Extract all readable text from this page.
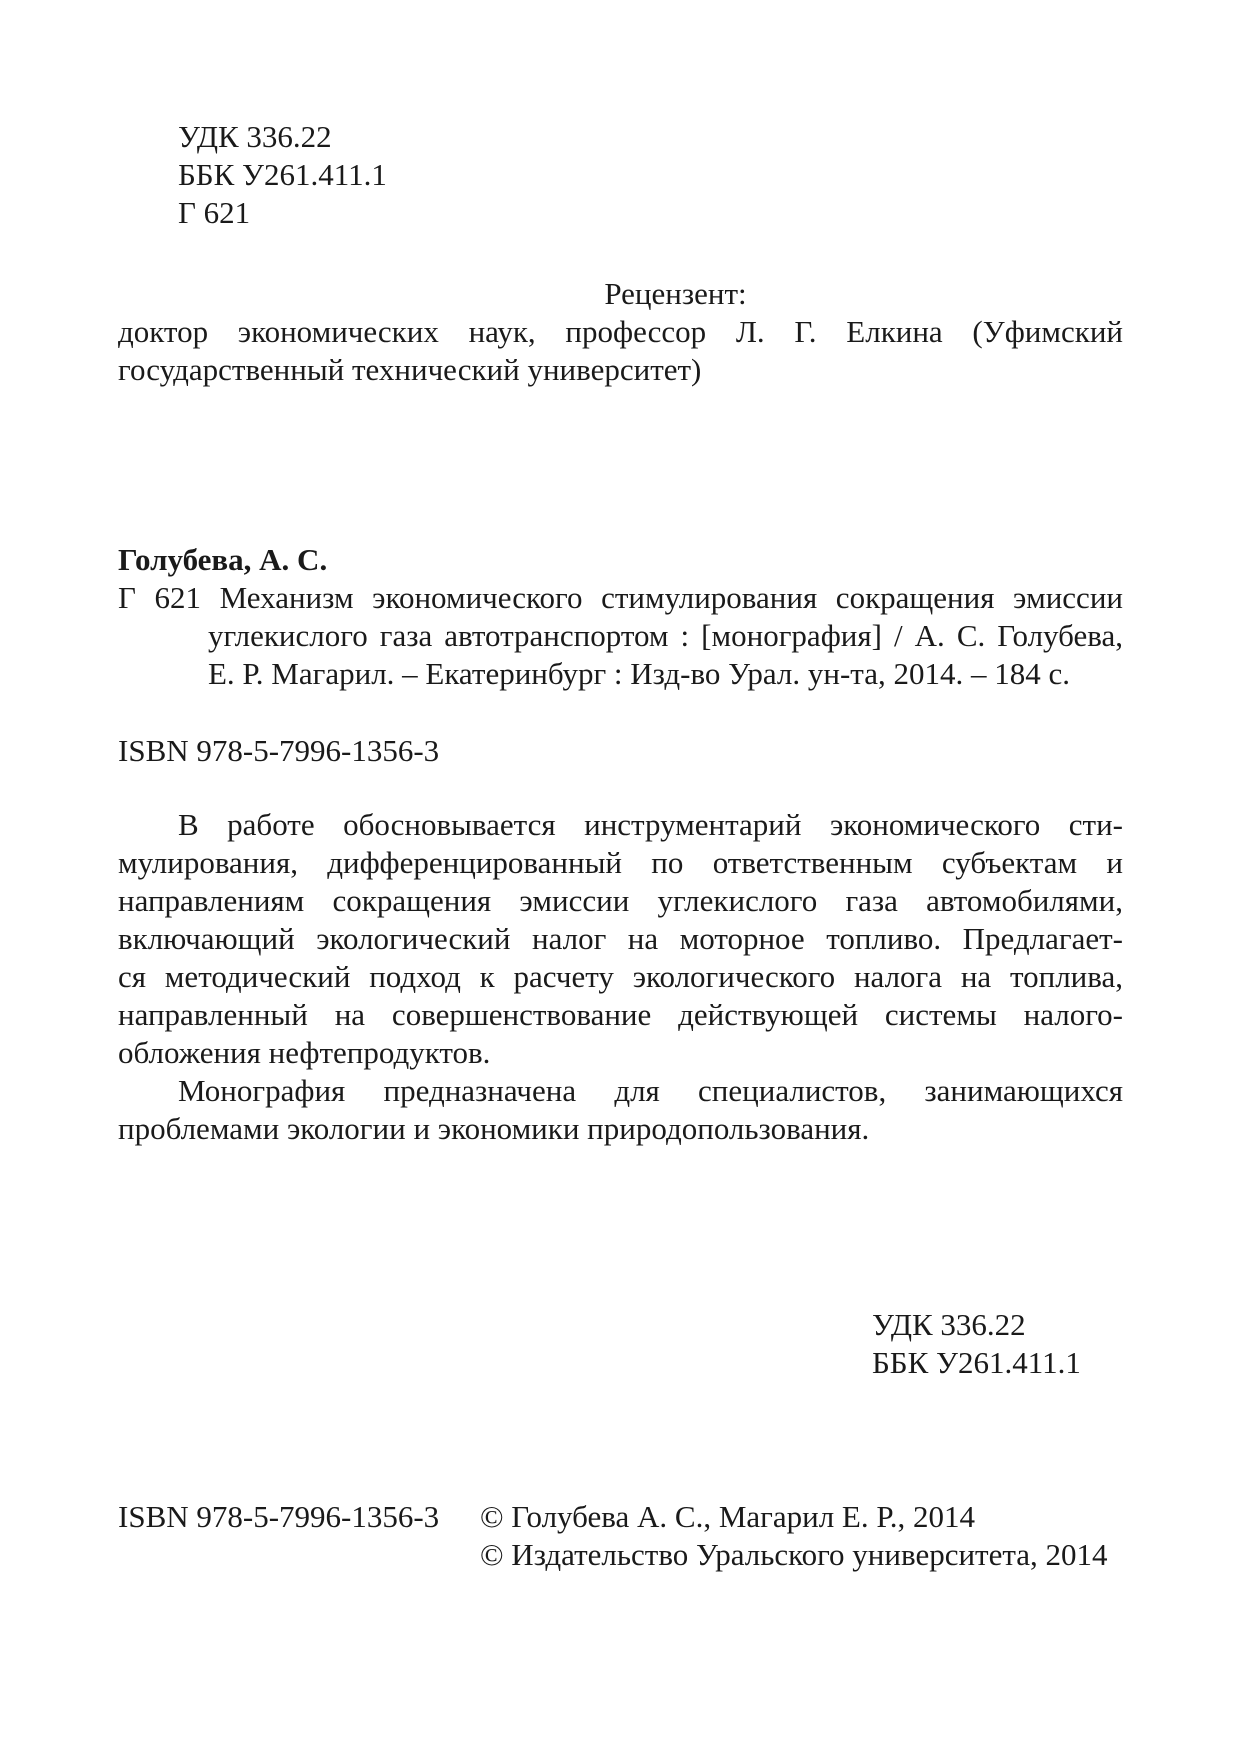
УДК 336.22
ББК У261.411.1
Г 621
Рецензент:
доктор экономических наук, профессор Л. Г. Елкина (Уфимский
государственный технический университет)
Голубева, А. С.
Г 621 Механизм экономического стимулирования сокращения эмиссии
углекислого газа автотранспортом : [монография] / А. С. Голубева,
Е. Р. Магарил. – Екатеринбург : Изд-во Урал. ун-та, 2014. – 184 с.
ISBN 978-5-7996-1356-3
В работе обосновывается инструментарий экономического сти-
мулирования, дифференцированный по ответственным субъектам и
направлениям сокращения эмиссии углекислого газа автомобилями,
включающий экологический налог на моторное топливо. Предлагает-
ся методический подход к расчету экологического налога на топлива,
направленный на совершенствование действующей системы налого-
обложения нефтепродуктов.
Монография предназначена для специалистов, занимающихся
проблемами экологии и экономики природопользования.
УДК 336.22
ББК У261.411.1
ISBN 978-5-7996-1356-3	© Голубева А. С., Магарил Е. Р., 2014
© Издательство Уральского университета, 2014
